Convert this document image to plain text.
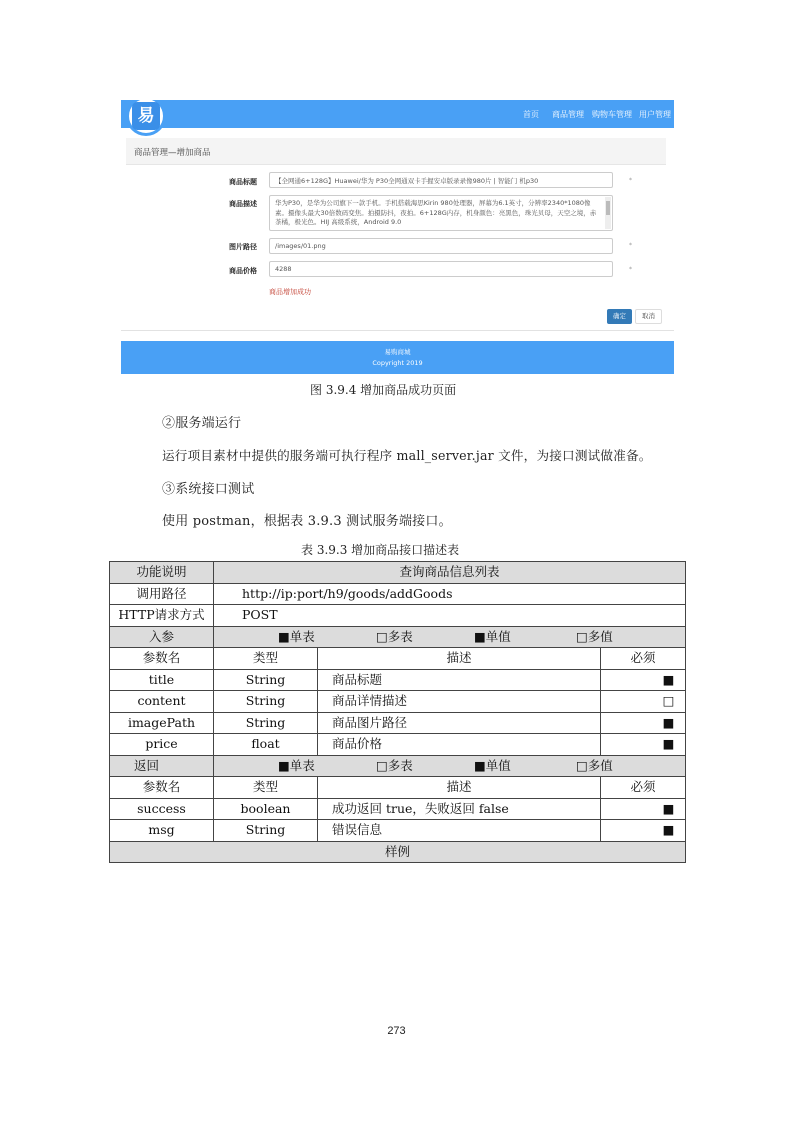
首页 商品管理 购物车管理 用户管理
易
商品管理—增加商品
商品标题	【全网通6+128G】Huawei/华为 P30全网通双卡手握安卓版录录像980片 | 智能门 机p30	*
商品描述	华为P30，是华为公司旗下一款手机。手机搭载海思Kirin 980处理器，屏幕为6.1英寸，分辨率2340*1080像素。摄像头最大30倍数码变焦。拍摄防抖，夜拍。6+128G内存，机身颜色：亮黑色，珠光贝母，天空之境，赤茶橘，极光色。HIJ 高级系统，Android 9.0
图片路径	/images/01.png	*
商品价格	4288	*
商品增加成功
确定	取消
易购商城
Copyright 2019
图 3.9.4 增加商品成功页面
②服务端运行
运行项目素材中提供的服务端可执行程序 mall_server.jar 文件，为接口测试做准备。
③系统接口测试
使用 postman，根据表 3.9.3 测试服务端接口。
表 3.9.3 增加商品接口描述表
功能说明	查询商品信息列表		
调用路径	http://ip:port/h9/goods/addGoods		
HTTP请求方式	POST		
入参	■单表 □多表 ■单值 □多值		
参数名	类型	描述	必须
title	String	商品标题	■
content	String	商品详情描述	□
imagePath	String	商品图片路径	■
price	float	商品价格	■
返回	■单表 □多表 ■单值 □多值		
参数名	类型	描述	必须
success	boolean	成功返回 true，失败返回 false	■
msg	String	错误信息	■
样例			
273
